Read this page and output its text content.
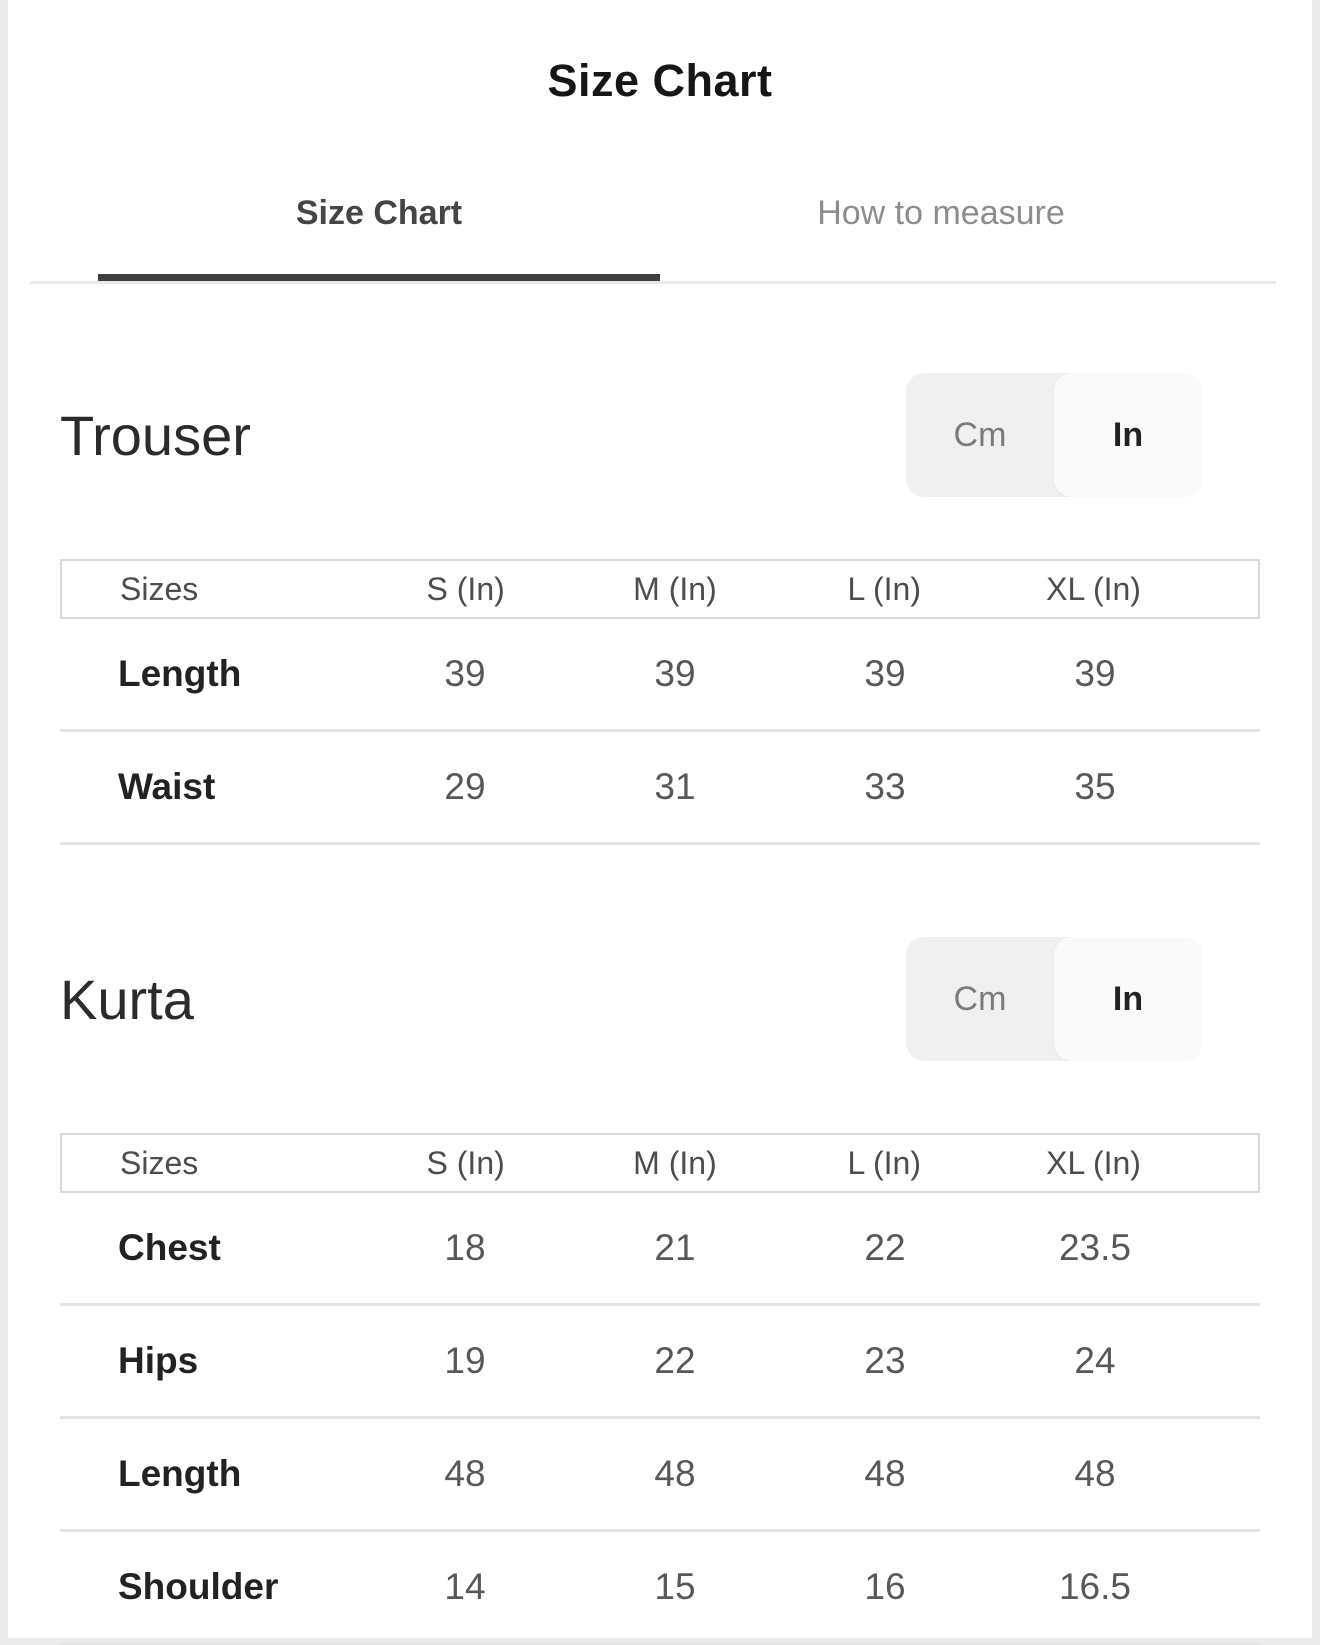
Size Chart
Size Chart	How to measure
Trouser	Cm	In
Sizes	S (In)	M (In)	L (In)	XL (In)
Length	39	39	39	39
Waist	29	31	33	35
Kurta	Cm	In
Sizes	S (In)	M (In)	L (In)	XL (In)
Chest	18	21	22	23.5
Hips	19	22	23	24
Length	48	48	48	48
Shoulder	14	15	16	16.5
